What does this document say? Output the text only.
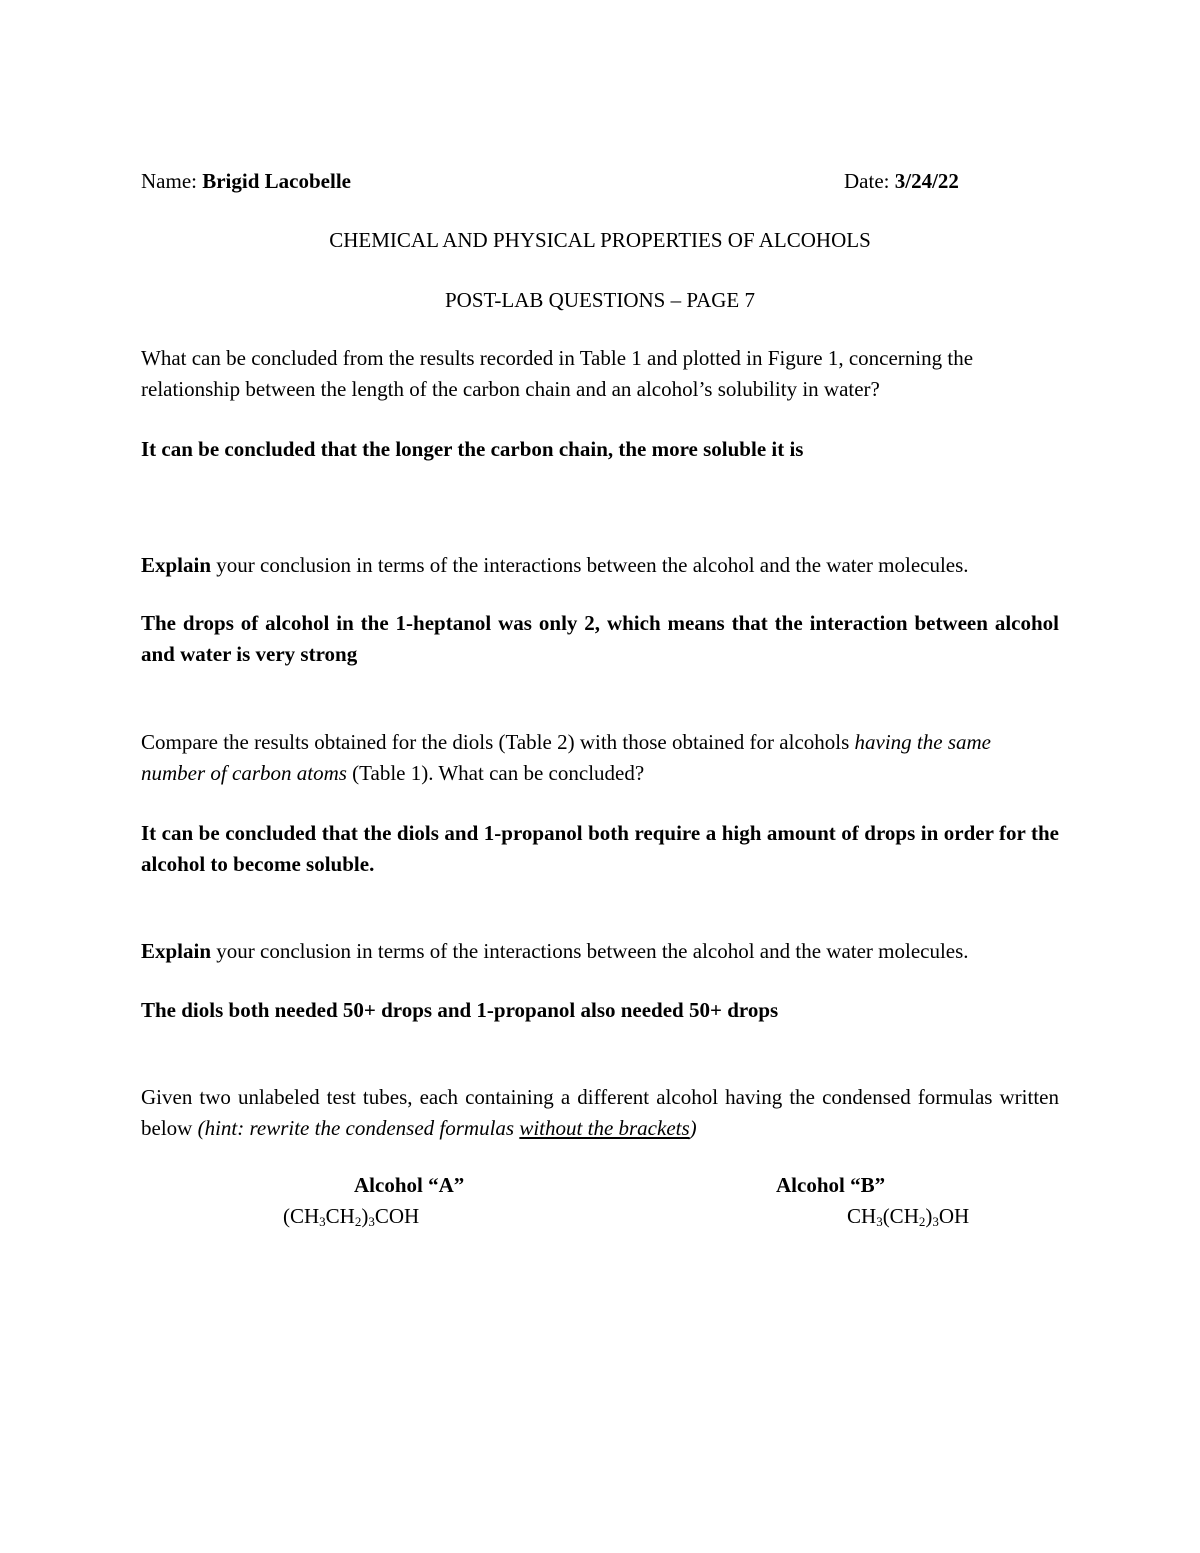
Name: Brigid Lacobelle	Date: 3/24/22
CHEMICAL AND PHYSICAL PROPERTIES OF ALCOHOLS
POST-LAB QUESTIONS – PAGE 7

What can be concluded from the results recorded in Table 1 and plotted in Figure 1, concerning the relationship between the length of the carbon chain and an alcohol’s solubility in water?

It can be concluded that the longer the carbon chain, the more soluble it is

Explain your conclusion in terms of the interactions between the alcohol and the water molecules.

The drops of alcohol in the 1-heptanol was only 2, which means that the interaction between alcohol and water is very strong

Compare the results obtained for the diols (Table 2) with those obtained for alcohols having the same number of carbon atoms (Table 1). What can be concluded?

It can be concluded that the diols and 1-propanol both require a high amount of drops in order for the alcohol to become soluble.

Explain your conclusion in terms of the interactions between the alcohol and the water molecules.

The diols both needed 50+ drops and 1-propanol also needed 50+ drops

Given two unlabeled test tubes, each containing a different alcohol having the condensed formulas written below (hint: rewrite the condensed formulas without the brackets)

Alcohol “A”	Alcohol “B”
$(CH_3CH_2)_3COH$	$CH_3(CH_2)_3OH$
